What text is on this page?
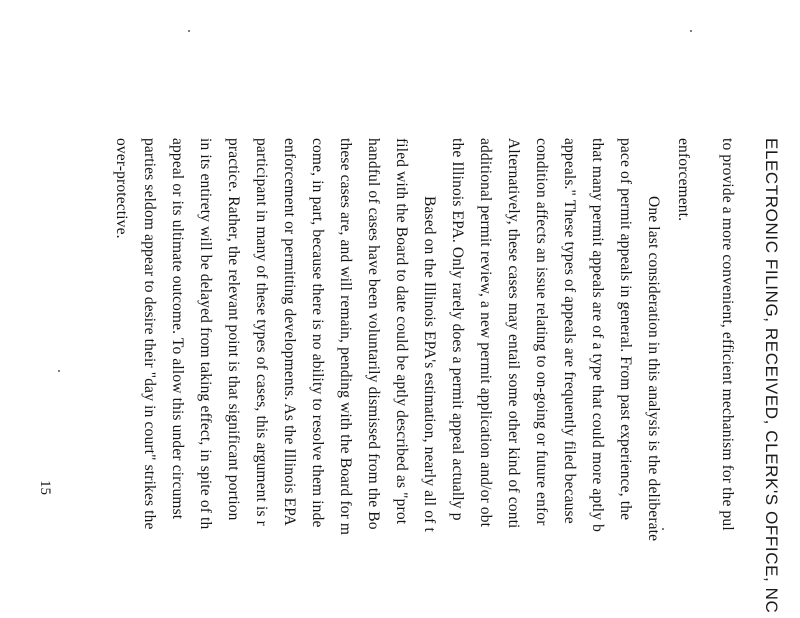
ELECTRONIC FILING, RECEIVED, CLERK'S OFFICE, NC
to provide a more convenient, efficient mechanism for the pul
enforcement.
One last consideration in this analysis is the deliberate
pace of permit appeals in general. From past experience, the
that many permit appeals are of a type that could more aptly b
appeals." These types of appeals are frequently filed because
condition affects an issue relating to on-going or future enfor
Alternatively, these cases may entail some other kind of conti
additional permit review, a new permit application and/or obt
the Illinois EPA. Only rarely does a permit appeal actually p
Based on the Illinois EPA's estimation, nearly all of t
filed with the Board to date could be aptly described as "prot
handful of cases have been voluntarily dismissed from the Bo
these cases are, and will remain, pending with the Board for m
come, in part, because there is no ability to resolve them inde
enforcement or permitting developments. As the Illinois EPA
participant in many of these types of cases, this argument is r
practice. Rather, the relevant point is that significant portion
in its entirety will be delayed from taking effect, in spite of th
appeal or its ultimate outcome. To allow this under circumst
parties seldom appear to desire their "day in court" strikes the
over-protective.
15
